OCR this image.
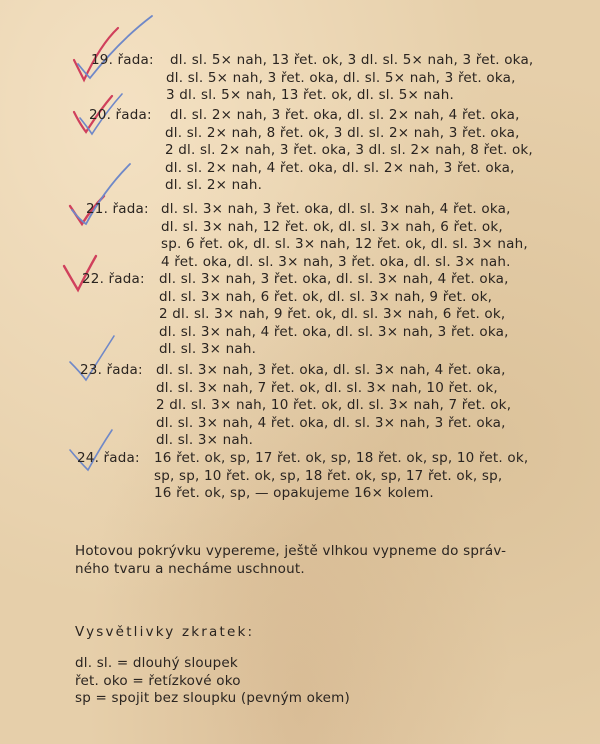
19. řada: dl. sl. 5× nah, 13 řet. ok, 3 dl. sl. 5× nah, 3 řet. oka,
dl. sl. 5× nah, 3 řet. oka, dl. sl. 5× nah, 3 řet. oka,
3 dl. sl. 5× nah, 13 řet. ok, dl. sl. 5× nah.
20. řada:	dl. sl. 2× nah, 3 řet. oka, dl. sl. 2× nah, 4 řet. oka,
dl. sl. 2× nah, 8 řet. ok, 3 dl. sl. 2× nah, 3 řet. oka,
2 dl. sl. 2× nah, 3 řet. oka, 3 dl. sl. 2× nah, 8 řet. ok,
dl. sl. 2× nah, 4 řet. oka, dl. sl. 2× nah, 3 řet. oka,
dl. sl. 2× nah.
21. řada: dl. sl. 3× nah, 3 řet. oka, dl. sl. 3× nah, 4 řet. oka,
dl. sl. 3× nah, 12 řet. ok, dl. sl. 3× nah, 6 řet. ok,
sp. 6 řet. ok, dl. sl. 3× nah, 12 řet. ok, dl. sl. 3× nah,
4 řet. oka, dl. sl. 3× nah, 3 řet. oka, dl. sl. 3× nah.
22. řada: dl. sl. 3× nah, 3 řet. oka, dl. sl. 3× nah, 4 řet. oka,
dl. sl. 3× nah, 6 řet. ok, dl. sl. 3× nah, 9 řet. ok,
2 dl. sl. 3× nah, 9 řet. ok, dl. sl. 3× nah, 6 řet. ok,
dl. sl. 3× nah, 4 řet. oka, dl. sl. 3× nah, 3 řet. oka,
dl. sl. 3× nah.
23. řada: dl. sl. 3× nah, 3 řet. oka, dl. sl. 3× nah, 4 řet. oka,
dl. sl. 3× nah, 7 řet. ok, dl. sl. 3× nah, 10 řet. ok,
2 dl. sl. 3× nah, 10 řet. ok, dl. sl. 3× nah, 7 řet. ok,
dl. sl. 3× nah, 4 řet. oka, dl. sl. 3× nah, 3 řet. oka,
dl. sl. 3× nah.
24. řada: 16 řet. ok, sp, 17 řet. ok, sp, 18 řet. ok, sp, 10 řet. ok,
sp, sp, 10 řet. ok, sp, 18 řet. ok, sp, 17 řet. ok, sp,
16 řet. ok, sp, — opakujeme 16× kolem.
Hotovou pokrývku vypereme, ještě vlhkou vypneme do správ-
ného tvaru a necháme uschnout.
Vysvětlivky zkratek:
dl. sl. = dlouhý sloupek
řet. oko = řetízkové oko
sp = spojit bez sloupku (pevným okem)
